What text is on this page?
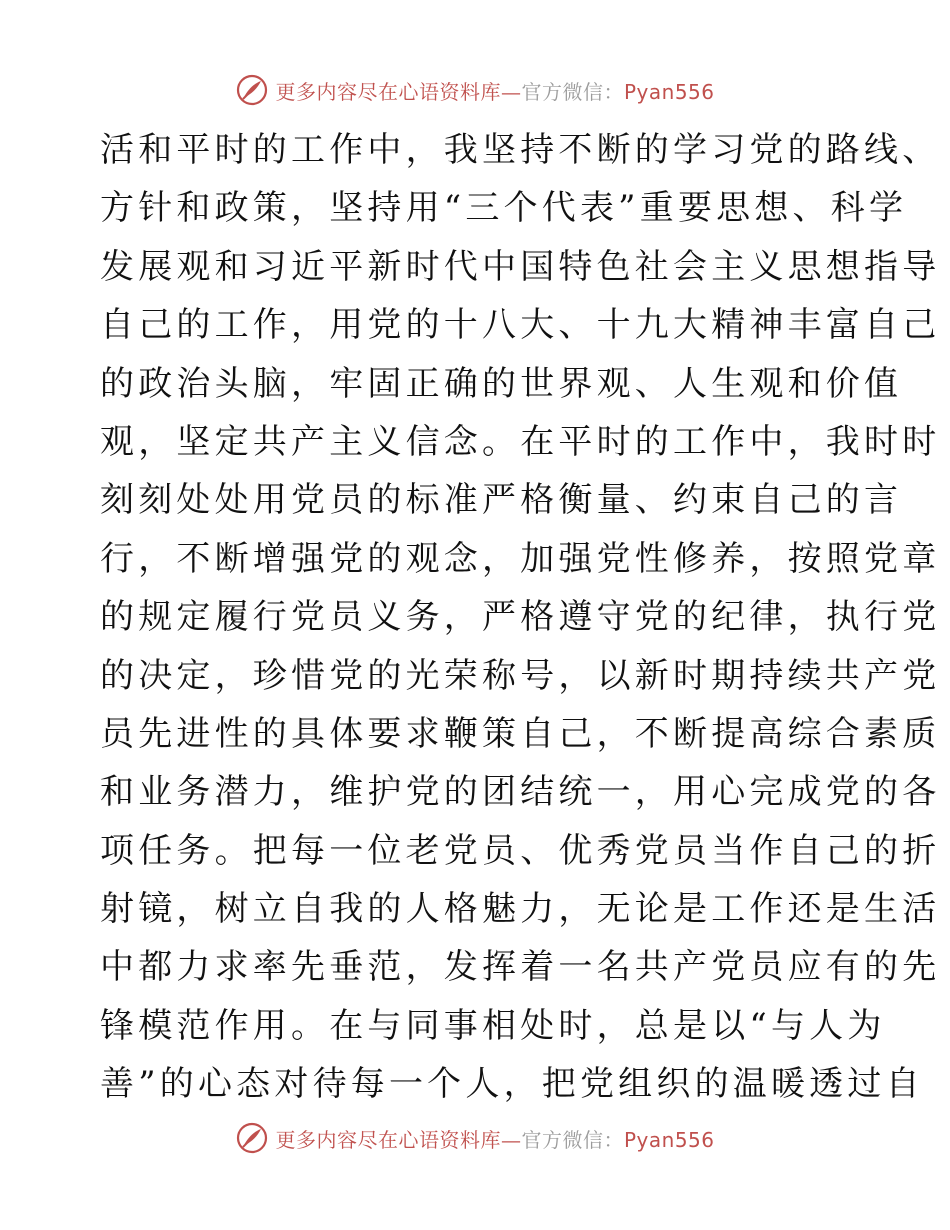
更多内容尽在心语资料库—官方微信：Pyan556
活和平时的工作中，我坚持不断的学习党的路线、
方针和政策，坚持用“三个代表”重要思想、科学
发展观和习近平新时代中国特色社会主义思想指导
自己的工作，用党的十八大、十九大精神丰富自己
的政治头脑，牢固正确的世界观、人生观和价值
观，坚定共产主义信念。在平时的工作中，我时时
刻刻处处用党员的标准严格衡量、约束自己的言
行，不断增强党的观念，加强党性修养，按照党章
的规定履行党员义务，严格遵守党的纪律，执行党
的决定，珍惜党的光荣称号，以新时期持续共产党
员先进性的具体要求鞭策自己，不断提高综合素质
和业务潜力，维护党的团结统一，用心完成党的各
项任务。把每一位老党员、优秀党员当作自己的折
射镜，树立自我的人格魅力，无论是工作还是生活
中都力求率先垂范，发挥着一名共产党员应有的先
锋模范作用。在与同事相处时，总是以“与人为
善”的心态对待每一个人，把党组织的温暖透过自
更多内容尽在心语资料库—官方微信：Pyan556
